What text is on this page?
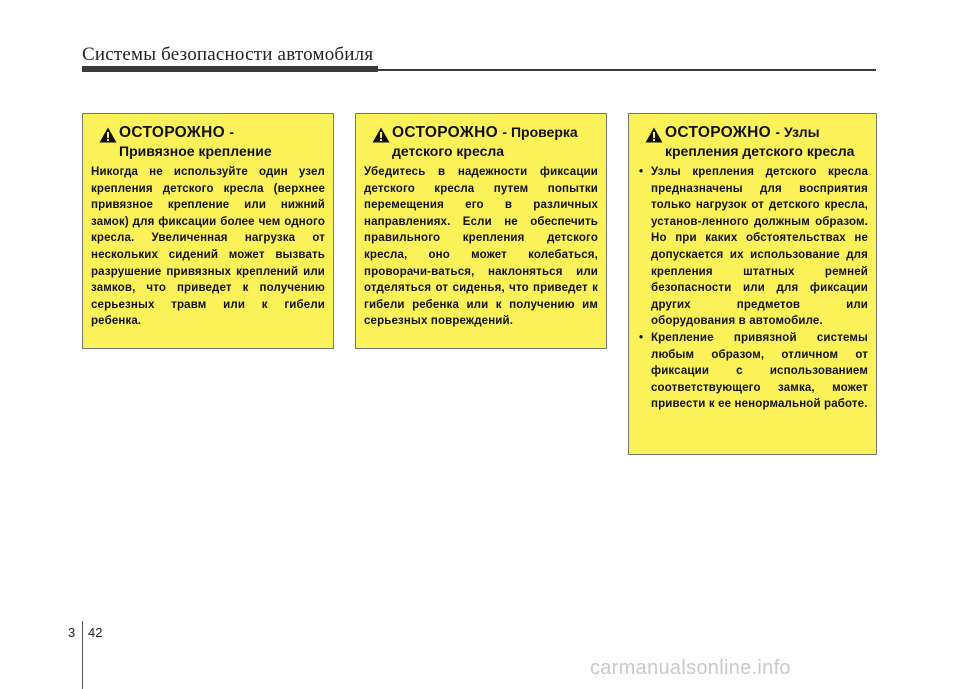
Системы безопасности автомобиля
ОСТОРОЖНО -
Привязное крепление
Никогда не используйте один узел крепления детского кресла (верхнее привязное крепление или нижний замок) для фиксации более чем одного кресла. Увеличенная нагрузка от нескольких сидений может вызвать разрушение привязных креплений или замков, что приведет к получению серьезных травм или к гибели ребенка.
ОСТОРОЖНО - Проверка
детского кресла
Убедитесь в надежности фиксации детского кресла путем попытки перемещения его в различных направлениях. Если не обеспечить правильного крепления детского кресла, оно может колебаться, проворачи-ваться, наклоняться или отделяться от сиденья, что приведет к гибели ребенка или к получению им серьезных повреждений.
ОСТОРОЖНО - Узлы
крепления детского кресла
• Узлы крепления детского кресла предназначены для восприятия только нагрузок от детского кресла, установ-ленного должным образом. Но при каких обстоятельствах не допускается их использование для крепления штатных ремней безопасности или для фиксации других предметов или оборудования в автомобиле.
• Крепление привязной системы любым образом, отличном от фиксации с использованием соответствующего замка, может привести к ее ненормальной работе.
3 42
carmanualsonline.info
